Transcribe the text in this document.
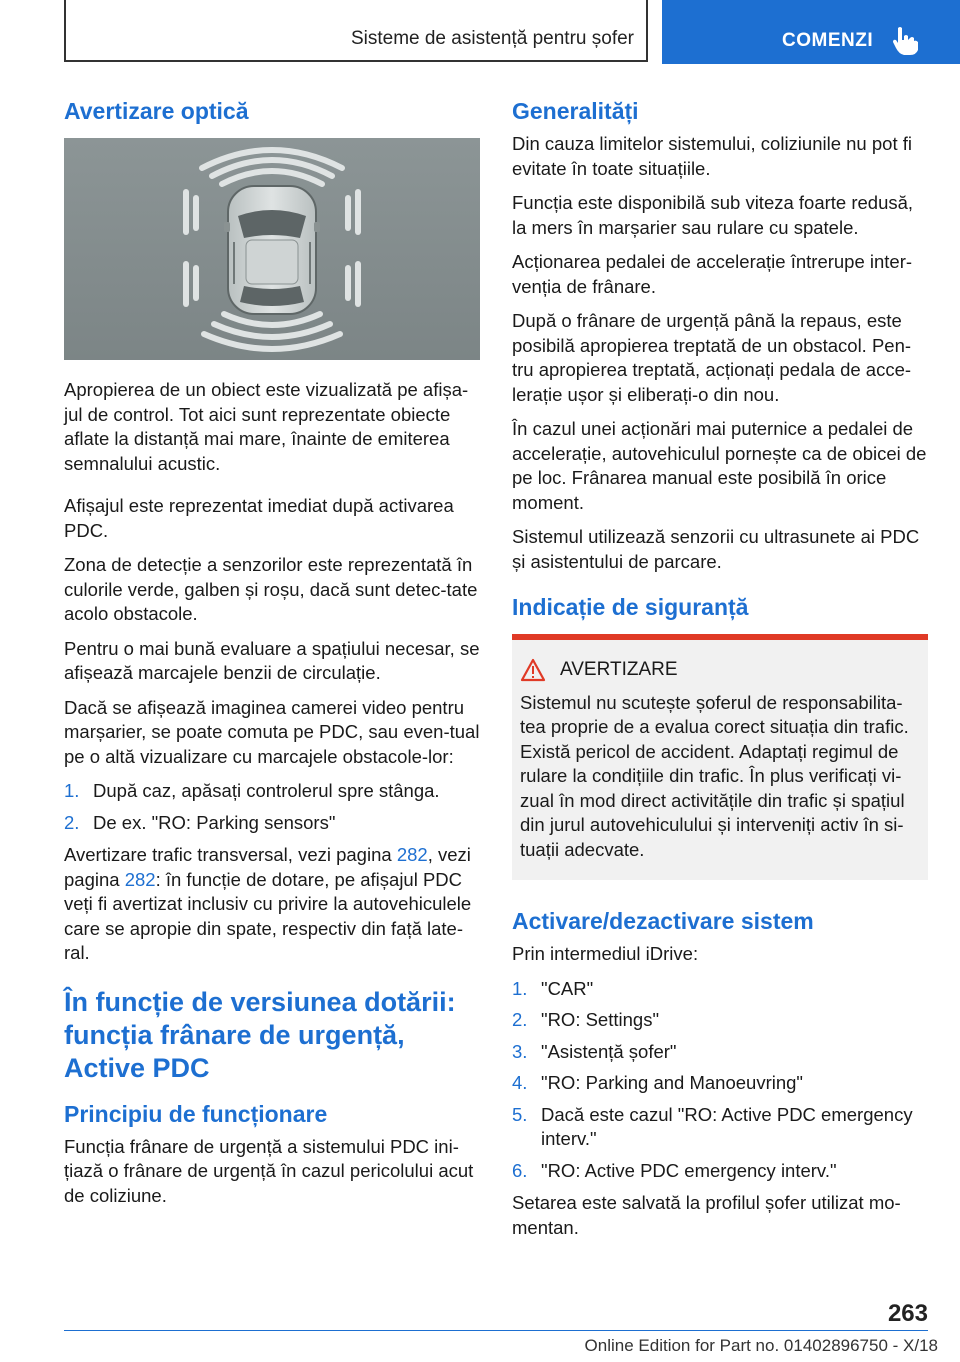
Sisteme de asistență pentru șofer	COMENZI
Avertizare optică

Apropierea de un obiect este vizualizată pe afișa-jul de control. Tot aici sunt reprezentate obiecte aflate la distanță mai mare, înainte de emiterea semnalului acustic.

Afișajul este reprezentat imediat după activarea PDC.

Zona de detecție a senzorilor este reprezentată în culorile verde, galben și roșu, dacă sunt detec-tate acolo obstacole.

Pentru o mai bună evaluare a spațiului necesar, se afișează marcajele benzii de circulație.

Dacă se afișează imaginea camerei video pentru marșarier, se poate comuta pe PDC, sau even-tual pe o altă vizualizare cu marcajele obstacole-lor:

1. După caz, apăsați controlerul spre stânga.
2. De ex. "RO: Parking sensors"

Avertizare trafic transversal, vezi pagina 282, vezi pagina 282: în funcție de dotare, pe afișajul PDC veți fi avertizat inclusiv cu privire la autovehiculele care se apropie din spate, respectiv din față late-ral.

În funcție de versiunea dotării: funcția frânare de urgență, Active PDC
Principiu de funcționare

Funcția frânare de urgență a sistemului PDC ini-țiază o frânare de urgență în cazul pericolului acut de coliziune.

Generalități

Din cauza limitelor sistemului, coliziunile nu pot fi evitate în toate situațiile.

Funcția este disponibilă sub viteza foarte redusă, la mers în marșarier sau rulare cu spatele.

Acționarea pedalei de accelerație întrerupe inter-venția de frânare.

După o frânare de urgență până la repaus, este posibilă apropierea treptată de un obstacol. Pen-tru apropierea treptată, acționați pedala de acce-lerație ușor și eliberați-o din nou.

În cazul unei acționări mai puternice a pedalei de accelerație, autovehiculul pornește ca de obicei de pe loc. Frânarea manual este posibilă în orice moment.

Sistemul utilizează senzorii cu ultrasunete ai PDC și asistentului de parcare.

Indicație de siguranță
AVERTIZARE

Sistemul nu scutește șoferul de responsabilita-tea proprie de a evalua corect situația din trafic. Există pericol de accident. Adaptați regimul de rulare la condițiile din trafic. În plus verificați vi-zual în mod direct activitățile din trafic și spațiul din jurul autovehiculului și interveniți activ în si-tuații adecvate.

Activare/dezactivare sistem

Prin intermediul iDrive:

1. "CAR"
2. "RO: Settings"
3. "Asistență șofer"
4. "RO: Parking and Manoeuvring"
5. Dacă este cazul "RO: Active PDC emergency interv."
6. "RO: Active PDC emergency interv."

Setarea este salvată la profilul șofer utilizat mo-mentan.

263
Online Edition for Part no. 01402896750 - X/18
